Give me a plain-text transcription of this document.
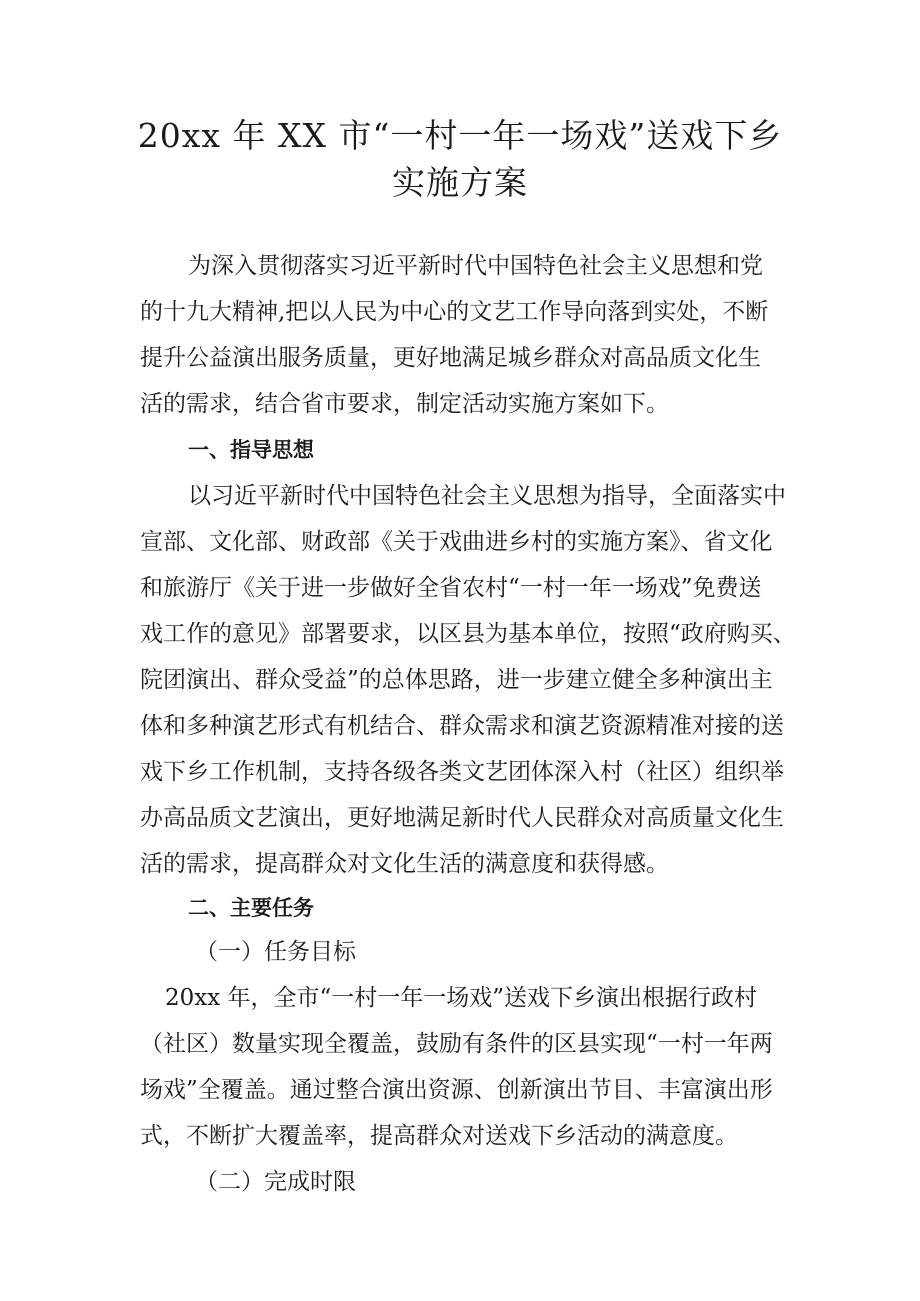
20xx 年 XX 市“一村一年一场戏”送戏下乡
实施方案

为深入贯彻落实习近平新时代中国特色社会主义思想和党

的十九大精神,把以人民为中心的文艺工作导向落到实处，不断

提升公益演出服务质量，更好地满足城乡群众对高品质文化生

活的需求，结合省市要求，制定活动实施方案如下。

一、指导思想

以习近平新时代中国特色社会主义思想为指导，全面落实中

宣部、文化部、财政部《关于戏曲进乡村的实施方案》、省文化

和旅游厅《关于进一步做好全省农村“一村一年一场戏”免费送

戏工作的意见》部署要求，以区县为基本单位，按照“政府购买、

院团演出、群众受益”的总体思路，进一步建立健全多种演出主

体和多种演艺形式有机结合、群众需求和演艺资源精准对接的送

戏下乡工作机制，支持各级各类文艺团体深入村（社区）组织举

办高品质文艺演出，更好地满足新时代人民群众对高质量文化生

活的需求，提高群众对文化生活的满意度和获得感。

二、主要任务

（一）任务目标

20xx 年，全市“一村一年一场戏”送戏下乡演出根据行政村

（社区）数量实现全覆盖，鼓励有条件的区县实现“一村一年两

场戏”全覆盖。通过整合演出资源、创新演出节目、丰富演出形

式，不断扩大覆盖率，提高群众对送戏下乡活动的满意度。

（二）完成时限
